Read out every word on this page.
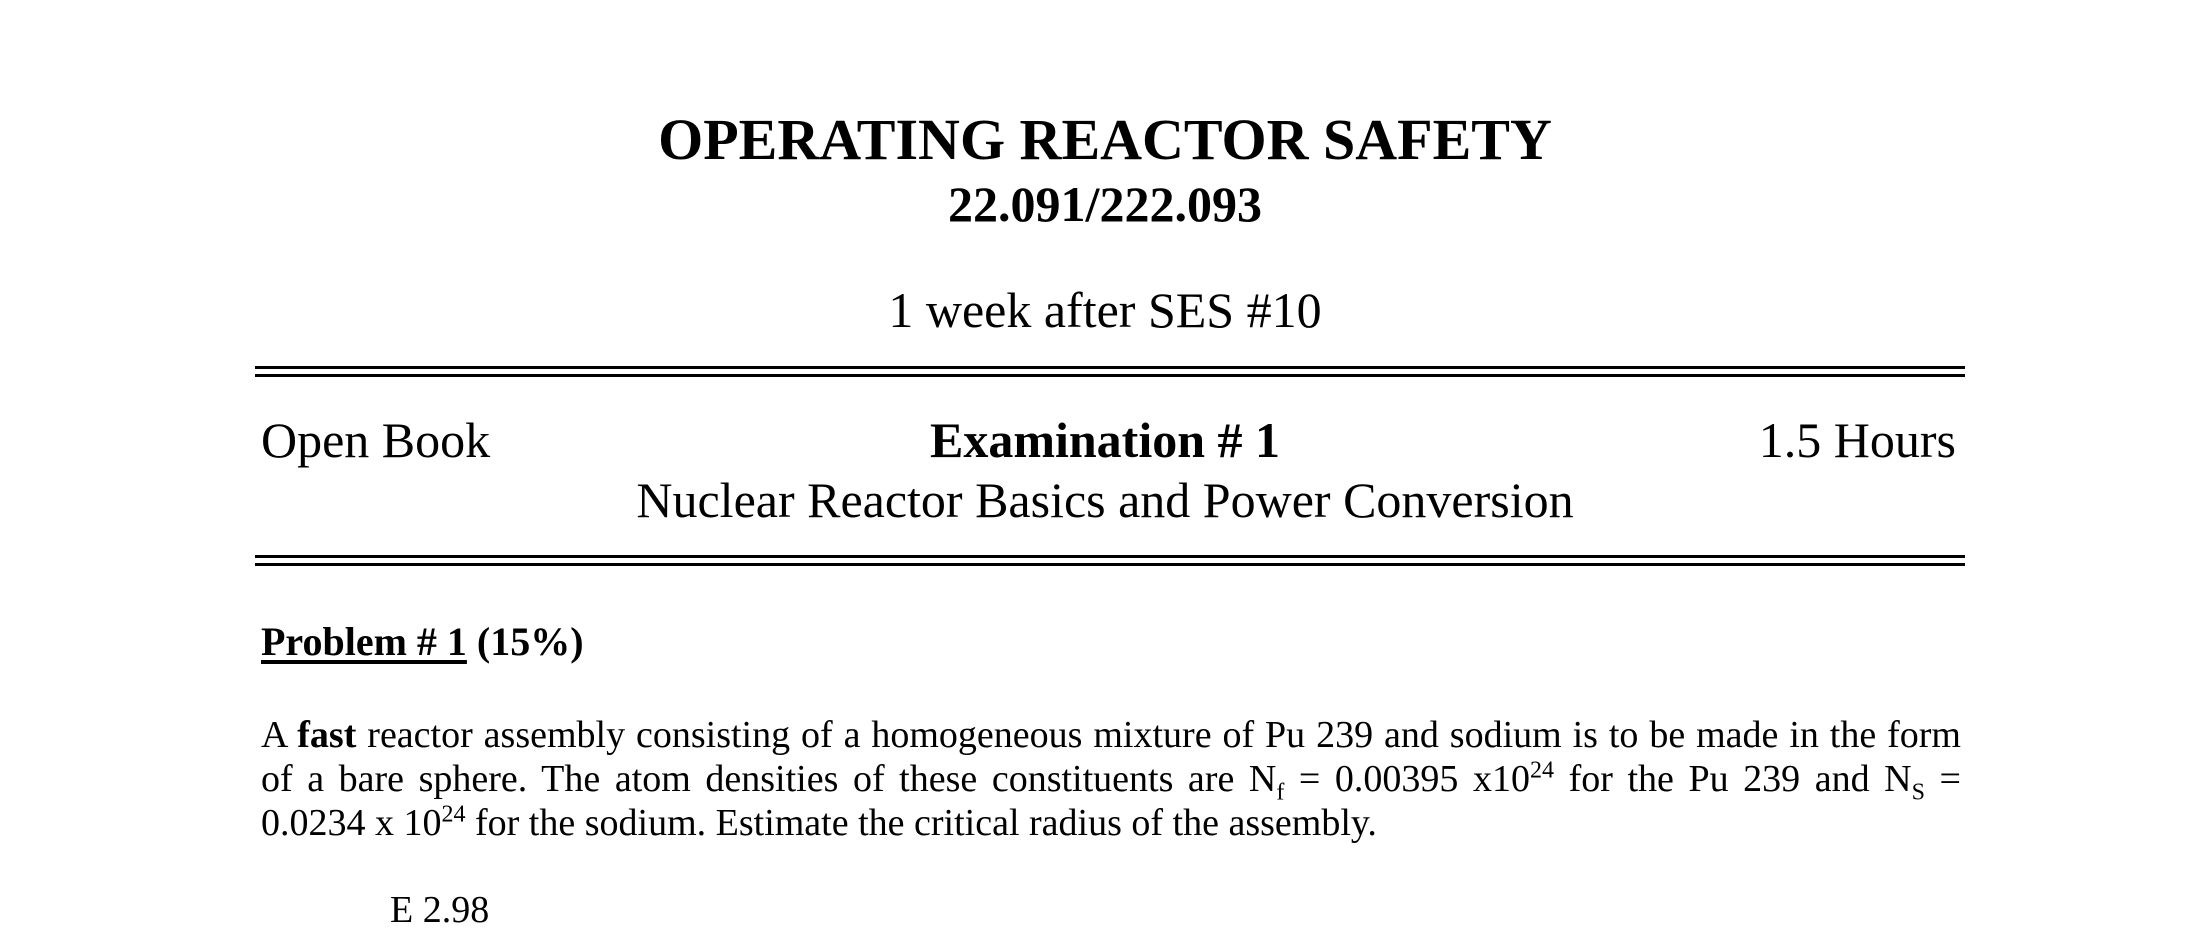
OPERATING REACTOR SAFETY
22.091/222.093
1 week after SES #10
Open Book	Examination # 1	1.5 Hours
Nuclear Reactor Basics and Power Conversion
Problem # 1 (15%)
A fast reactor assembly consisting of a homogeneous mixture of Pu 239 and sodium is to be made in the form of a bare sphere. The atom densities of these constituents are $N_f = 0.00395$ $x10^{24}$ for the Pu 239 and $N_S = 0.0234$ x $10^{24}$ for the sodium. Estimate the critical radius of the assembly.
E 2.98
